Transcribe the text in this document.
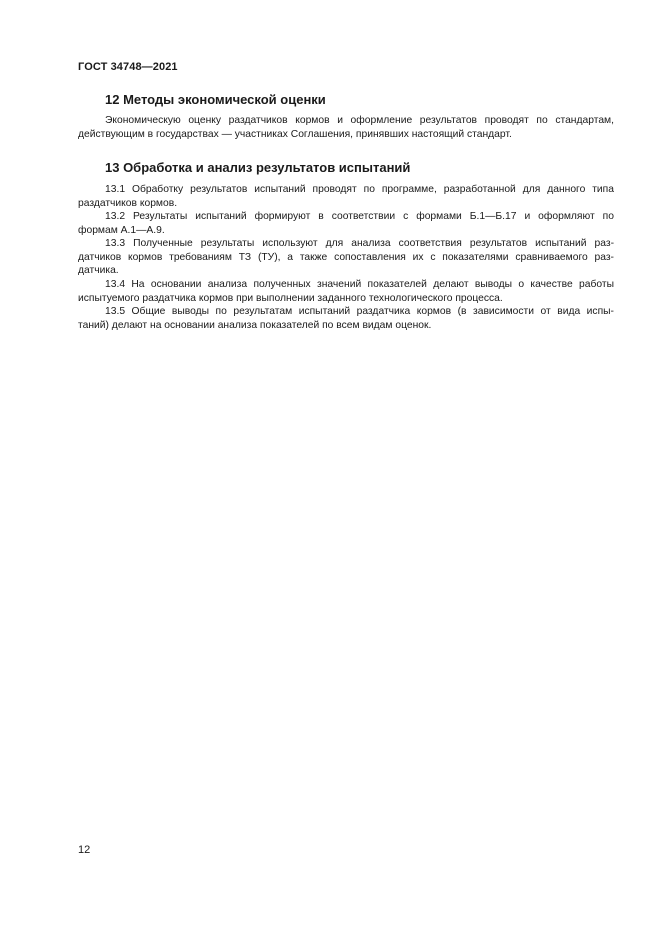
ГОСТ 34748—2021
12 Методы экономической оценки
Экономическую оценку раздатчиков кормов и оформление результатов проводят по стандартам,
действующим в государствах — участниках Соглашения, принявших настоящий стандарт.
13 Обработка и анализ результатов испытаний
13.1 Обработку результатов испытаний проводят по программе, разработанной для данного типа
раздатчиков кормов.
13.2 Результаты испытаний формируют в соответствии с формами Б.1—Б.17 и оформляют по
формам А.1—А.9.
13.3 Полученные результаты используют для анализа соответствия результатов испытаний раз-
датчиков кормов требованиям ТЗ (ТУ), а также сопоставления их с показателями сравниваемого раз-
датчика.
13.4 На основании анализа полученных значений показателей делают выводы о качестве работы
испытуемого раздатчика кормов при выполнении заданного технологического процесса.
13.5 Общие выводы по результатам испытаний раздатчика кормов (в зависимости от вида испы-
таний) делают на основании анализа показателей по всем видам оценок.
12
